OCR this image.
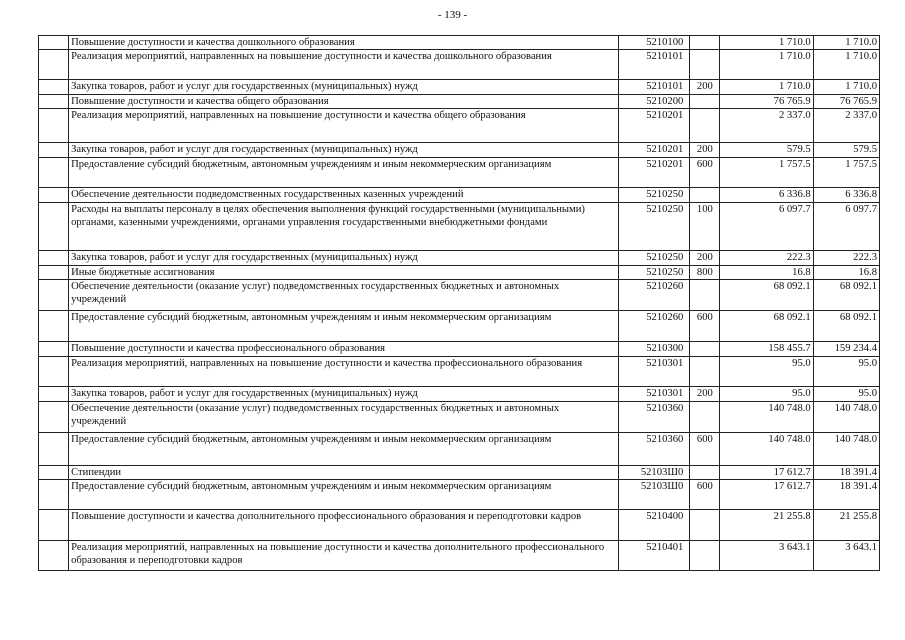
- 139 -
	Повышение доступности и качества дошкольного образования	5210100		1 710.0	1 710.0
	Реализация мероприятий, направленных на повышение доступности и качества дошкольного образования	5210101		1 710.0	1 710.0
	Закупка товаров, работ и услуг для государственных (муниципальных) нужд	5210101	200	1 710.0	1 710.0
	Повышение доступности и качества общего образования	5210200		76 765.9	76 765.9
	Реализация мероприятий, направленных на повышение доступности и качества общего образования	5210201		2 337.0	2 337.0
	Закупка товаров, работ и услуг для государственных (муниципальных) нужд	5210201	200	579.5	579.5
	Предоставление субсидий бюджетным, автономным учреждениям и иным некоммерческим организациям	5210201	600	1 757.5	1 757.5
	Обеспечение деятельности подведомственных государственных казенных учреждений	5210250		6 336.8	6 336.8
	Расходы на выплаты персоналу в целях обеспечения выполнения функций государственными (муниципальными) органами, казенными учреждениями, органами управления государственными внебюджетными фондами	5210250	100	6 097.7	6 097.7
	Закупка товаров, работ и услуг для государственных (муниципальных) нужд	5210250	200	222.3	222.3
	Иные бюджетные ассигнования	5210250	800	16.8	16.8
	Обеспечение деятельности (оказание услуг) подведомственных государственных бюджетных и автономных учреждений	5210260		68 092.1	68 092.1
	Предоставление субсидий бюджетным, автономным учреждениям и иным некоммерческим организациям	5210260	600	68 092.1	68 092.1
	Повышение доступности и качества профессионального образования	5210300		158 455.7	159 234.4
	Реализация мероприятий, направленных на повышение доступности и качества профессионального образования	5210301		95.0	95.0
	Закупка товаров, работ и услуг для государственных (муниципальных) нужд	5210301	200	95.0	95.0
	Обеспечение деятельности (оказание услуг) подведомственных государственных бюджетных и автономных учреждений	5210360		140 748.0	140 748.0
	Предоставление субсидий бюджетным, автономным учреждениям и иным некоммерческим организациям	5210360	600	140 748.0	140 748.0
	Стипендии	52103Ш0		17 612.7	18 391.4
	Предоставление субсидий бюджетным, автономным учреждениям и иным некоммерческим организациям	52103Ш0	600	17 612.7	18 391.4
	Повышение доступности и качества дополнительного профессионального образования и переподготовки кадров	5210400		21 255.8	21 255.8
	Реализация мероприятий, направленных на повышение доступности и качества дополнительного профессионального образования и переподготовки кадров	5210401		3 643.1	3 643.1
